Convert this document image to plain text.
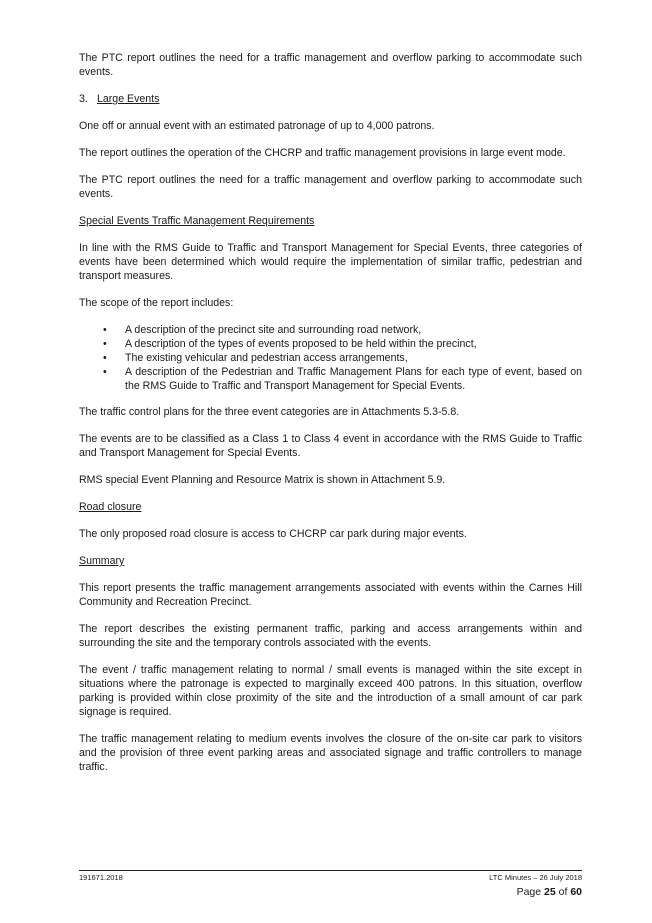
The PTC report outlines the need for a traffic management and overflow parking to accommodate such events.

3. Large Events

One off or annual event with an estimated patronage of up to 4,000 patrons.

The report outlines the operation of the CHCRP and traffic management provisions in large event mode.

The PTC report outlines the need for a traffic management and overflow parking to accommodate such events.

Special Events Traffic Management Requirements

In line with the RMS Guide to Traffic and Transport Management for Special Events, three categories of events have been determined which would require the implementation of similar traffic, pedestrian and transport measures.

The scope of the report includes:

• A description of the precinct site and surrounding road network,
• A description of the types of events proposed to be held within the precinct,
• The existing vehicular and pedestrian access arrangements,
• A description of the Pedestrian and Traffic Management Plans for each type of event, based on the RMS Guide to Traffic and Transport Management for Special Events.

The traffic control plans for the three event categories are in Attachments 5.3-5.8.

The events are to be classified as a Class 1 to Class 4 event in accordance with the RMS Guide to Traffic and Transport Management for Special Events.

RMS special Event Planning and Resource Matrix is shown in Attachment 5.9.

Road closure

The only proposed road closure is access to CHCRP car park during major events.

Summary

This report presents the traffic management arrangements associated with events within the Carnes Hill Community and Recreation Precinct.

The report describes the existing permanent traffic, parking and access arrangements within and surrounding the site and the temporary controls associated with the events.

The event / traffic management relating to normal / small events is managed within the site except in situations where the patronage is expected to marginally exceed 400 patrons. In this situation, overflow parking is provided within close proximity of the site and the introduction of a small amount of car park signage is required.

The traffic management relating to medium events involves the closure of the on-site car park to visitors and the provision of three event parking areas and associated signage and traffic controllers to manage traffic.

191671.2018	LTC Minutes – 26 July 2018
Page 25 of 60
